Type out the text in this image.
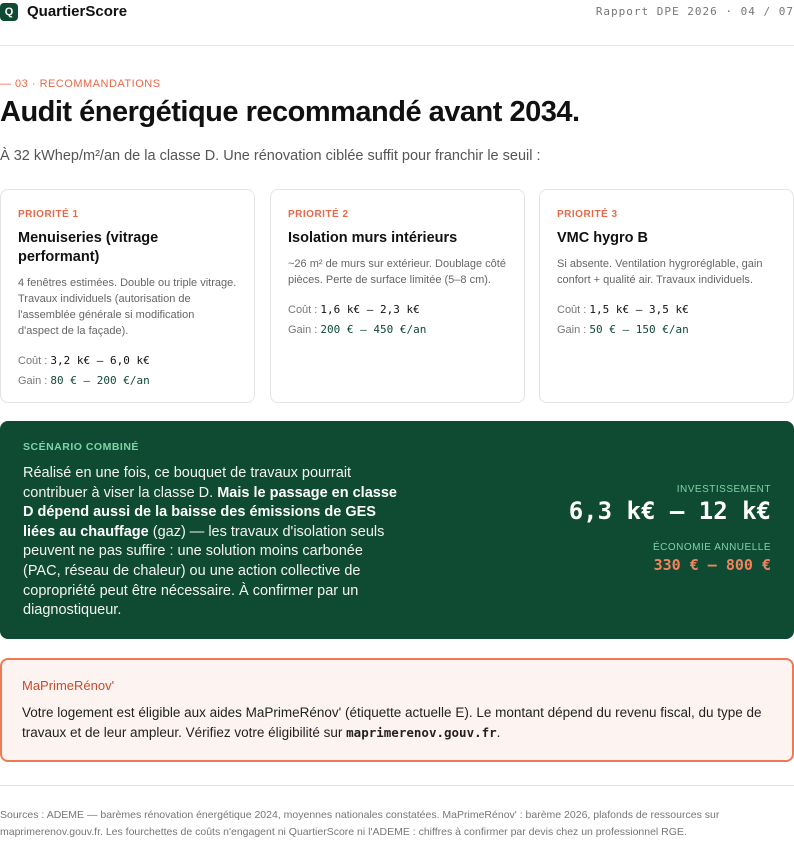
Q QuartierScore	Rapport DPE 2026 · 04 / 07
— 03 · RECOMMANDATIONS
Audit énergétique recommandé avant 2034.

À 32 kWhep/m²/an de la classe D. Une rénovation ciblée suffit pour franchir le seuil :

PRIORITÉ 1
Menuiseries (vitrage performant)
4 fenêtres estimées. Double ou triple vitrage. Travaux individuels (autorisation de l'assemblée générale si modification d'aspect de la façade).
Coût : 3,2 k€ – 6,0 k€
Gain : 80 € – 200 €/an
PRIORITÉ 2
Isolation murs intérieurs
~26 m² de murs sur extérieur. Doublage côté pièces. Perte de surface limitée (5–8 cm).
Coût : 1,6 k€ – 2,3 k€
Gain : 200 € – 450 €/an
PRIORITÉ 3
VMC hygro B
Si absente. Ventilation hygroréglable, gain confort + qualité air. Travaux individuels.
Coût : 1,5 k€ – 3,5 k€
Gain : 50 € – 150 €/an
SCÉNARIO COMBINÉ
Réalisé en une fois, ce bouquet de travaux pourrait contribuer à viser la classe D. Mais le passage en classe D dépend aussi de la baisse des émissions de GES liées au chauffage (gaz) — les travaux d'isolation seuls peuvent ne pas suffire : une solution moins carbonée (PAC, réseau de chaleur) ou une action collective de copropriété peut être nécessaire. À confirmer par un diagnostiqueur.
INVESTISSEMENT
6,3 k€ – 12 k€
ÉCONOMIE ANNUELLE
330 € – 800 €
MaPrimeRénov'
Votre logement est éligible aux aides MaPrimeRénov' (étiquette actuelle E). Le montant dépend du revenu fiscal, du type de travaux et de leur ampleur. Vérifiez votre éligibilité sur maprimerenov.gouv.fr.
Sources : ADEME — barèmes rénovation énergétique 2024, moyennes nationales constatées. MaPrimeRénov' : barème 2026, plafonds de ressources sur maprimerenov.gouv.fr. Les fourchettes de coûts n'engagent ni QuartierScore ni l'ADEME : chiffres à confirmer par devis chez un professionnel RGE.
